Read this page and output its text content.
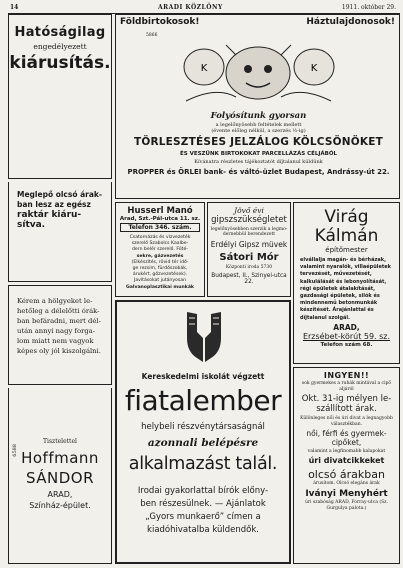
14	ARADI KÖZLÖNY	1911. október 29.
Hatóságilag
engedélyezett
kiárusítás.
Meglepő olcsó árak-
ban lesz az egész
raktár kiáru-
sítva.
Kérem a hölgyeket le-
hetőleg a délelőtti órák-
ban befáradni, mert dél-
után annyi nagy forga-
lom miatt nem vagyok
képes oly jól kiszolgálni.
6588
Tisztelettel
Hoffmann
SÁNDOR
ARAD,
Színház-épület.
Földbirtokosok!	Háztulajdonosok!
5866
K	K
Folyósítunk gyorsan
a legelőnyösebb feltételek mellett
(évente előleg nélkül, a szerzés ½-ig)
TÖRLESZTÉSES JELZÁLOG KÖLCSÖNÖKET
ÉS VESZÜNK BIRTOKOKAT PARCELLÁZÁS CÉLJÁBÓL
Kívánatra részletes tájékoztatót díjtalanul küldünk
PROPPER és ÖRLEI bank- és váltó-üzlet Budapest, Andrássy-út 22.
Husserl Manó
Arad, Szt.-Pál-utca 11. sz.
Telefon 346. szám.
Csatornázás és vízvezeték
szerelő Szabolcs Kaalbe-
dern belér szerelő. Fűté-
sekre, gázvezetés
(Elkészítés, rövid tér idő-
ge rezsim, fürdőszobák,
árukért, gőzvezetések).
Javításokat jutányosan
Galvanoplasztikai munkák
Jövő évi
gipszszükségletet
legelőnyösebben szerzik a legmo-
dernebbül berendezett
Erdélyi Gipsz müvek
Sátori Mór
Központi iroda 5730
Budapest, II., Szinyei-utca 22.
Virág
Kálmán
építőmester
elvállalja magán- és bérházak, valamint nyaralók, villaépületek tervezését, művezetését, kalkulálását és lebonyolítását, régi épületek átalakítását, gazdasági épületek, silók és mindennemű betonmunkák készítését. Árajánlattal és díjtalanul szolgál.
ARAD,
Erzsébet-körút 59. sz.
Telefon szám 68.
Kereskedelmi iskolát végzett
fiatalember
helybeli részvénytársaságnál
azonnali belépésre
alkalmazást talál.
Irodai gyakorlattal bírók előny-
ben részesülnek. — Ajánlatok
„Gyors munkaerő” címen a
kiadóhivatalba küldendők.
INGYEN!!
sok gyermekes a ruhák mintával a cipő aljáról
Okt. 31-ig mélyen le-
szállított árak.
Különleges női és úri divat a legnagyobb választékban.
női, férfi és gyermek-
cipőket,
valamint a legfinomabb kalapokat
úri divatcikkeket
olcsó árakban
árusítom. Olcsó elegáns árak
Iványi Menyhért
úri szabóság ARAD, Forray-utca (Sz. Gurgulya palota.)
